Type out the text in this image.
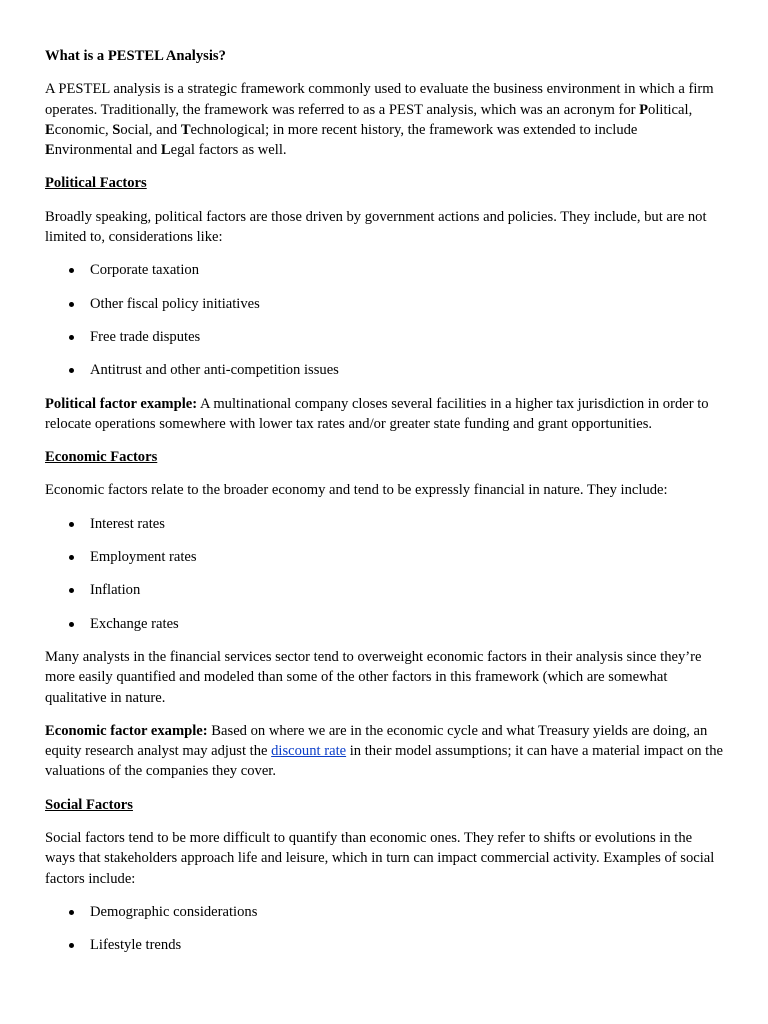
What is a PESTEL Analysis?

A PESTEL analysis is a strategic framework commonly used to evaluate the business environment in which a firm operates. Traditionally, the framework was referred to as a PEST analysis, which was an acronym for Political, Economic, Social, and Technological; in more recent history, the framework was extended to include Environmental and Legal factors as well.

Political Factors

Broadly speaking, political factors are those driven by government actions and policies. They include, but are not limited to, considerations like:

Corporate taxation
Other fiscal policy initiatives
Free trade disputes
Antitrust and other anti-competition issues

Political factor example: A multinational company closes several facilities in a higher tax jurisdiction in order to relocate operations somewhere with lower tax rates and/or greater state funding and grant opportunities.

Economic Factors

Economic factors relate to the broader economy and tend to be expressly financial in nature. They include:

Interest rates
Employment rates
Inflation
Exchange rates

Many analysts in the financial services sector tend to overweight economic factors in their analysis since they’re more easily quantified and modeled than some of the other factors in this framework (which are somewhat qualitative in nature.

Economic factor example: Based on where we are in the economic cycle and what Treasury yields are doing, an equity research analyst may adjust the discount rate in their model assumptions; it can have a material impact on the valuations of the companies they cover.

Social Factors

Social factors tend to be more difficult to quantify than economic ones. They refer to shifts or evolutions in the ways that stakeholders approach life and leisure, which in turn can impact commercial activity. Examples of social factors include:

Demographic considerations
Lifestyle trends
